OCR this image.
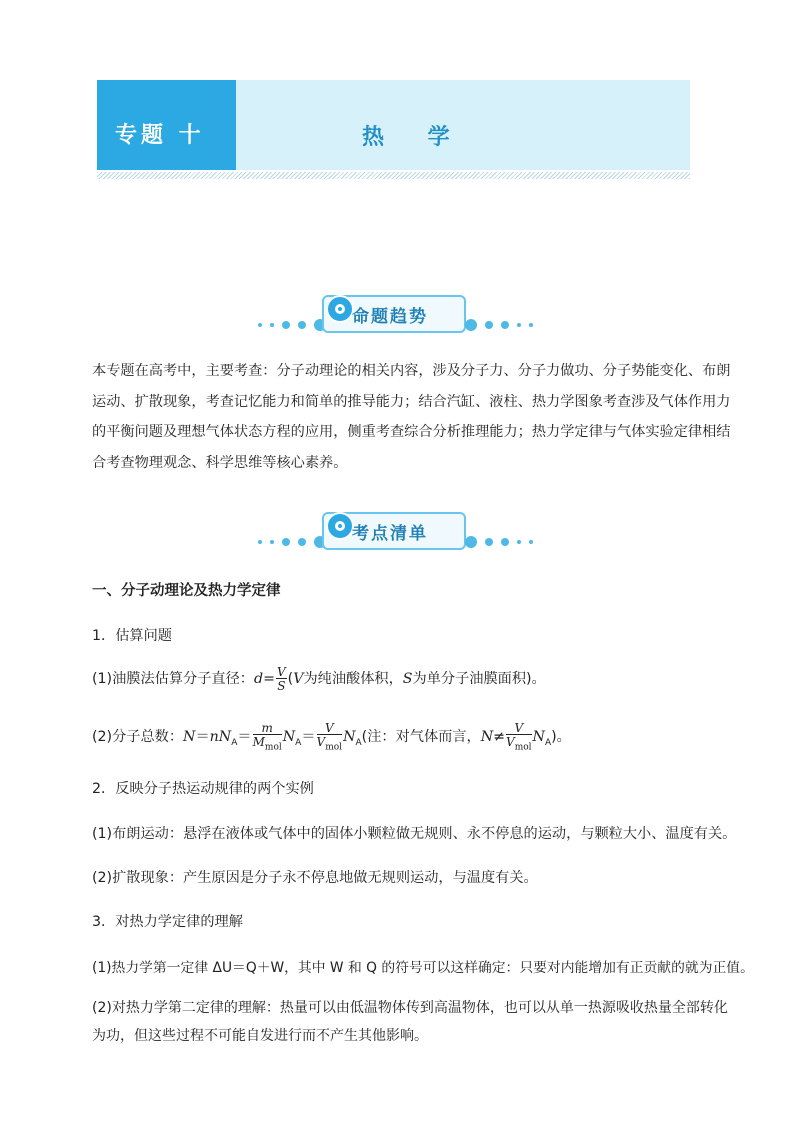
专题 十	热 学
命题趋势
本专题在高考中，主要考查：分子动理论的相关内容，涉及分子力、分子力做功、分子势能变化、布朗运动、扩散现象，考查记忆能力和简单的推导能力；结合汽缸、液柱、热力学图象考查涉及气体作用力的平衡问题及理想气体状态方程的应用，侧重考查综合分析推理能力；热力学定律与气体实验定律相结合考查物理观念、科学思维等核心素养。
考点清单
一、分子动理论及热力学定律
1．估算问题
(1)油膜法估算分子直径：$d= \frac{V}{S} (V$为纯油酸体积，S为单分子油膜面积)。
(2)分子总数：$N=nN_A= \frac{m}{M_{mol}} N_A= \frac{V}{V_{mol}} N_A$(注：对气体而言，$N\ne \frac{V}{V_{mol}} N_A$)。
2．反映分子热运动规律的两个实例
(1)布朗运动：悬浮在液体或气体中的固体小颗粒做无规则、永不停息的运动，与颗粒大小、温度有关。
(2)扩散现象：产生原因是分子永不停息地做无规则运动，与温度有关。
3．对热力学定律的理解
(1)热力学第一定律 ΔU＝Q＋W，其中 W 和 Q 的符号可以这样确定：只要对内能增加有正贡献的就为正值。
(2)对热力学第二定律的理解：热量可以由低温物体传到高温物体，也可以从单一热源吸收热量全部转化为功，但这些过程不可能自发进行而不产生其他影响。
